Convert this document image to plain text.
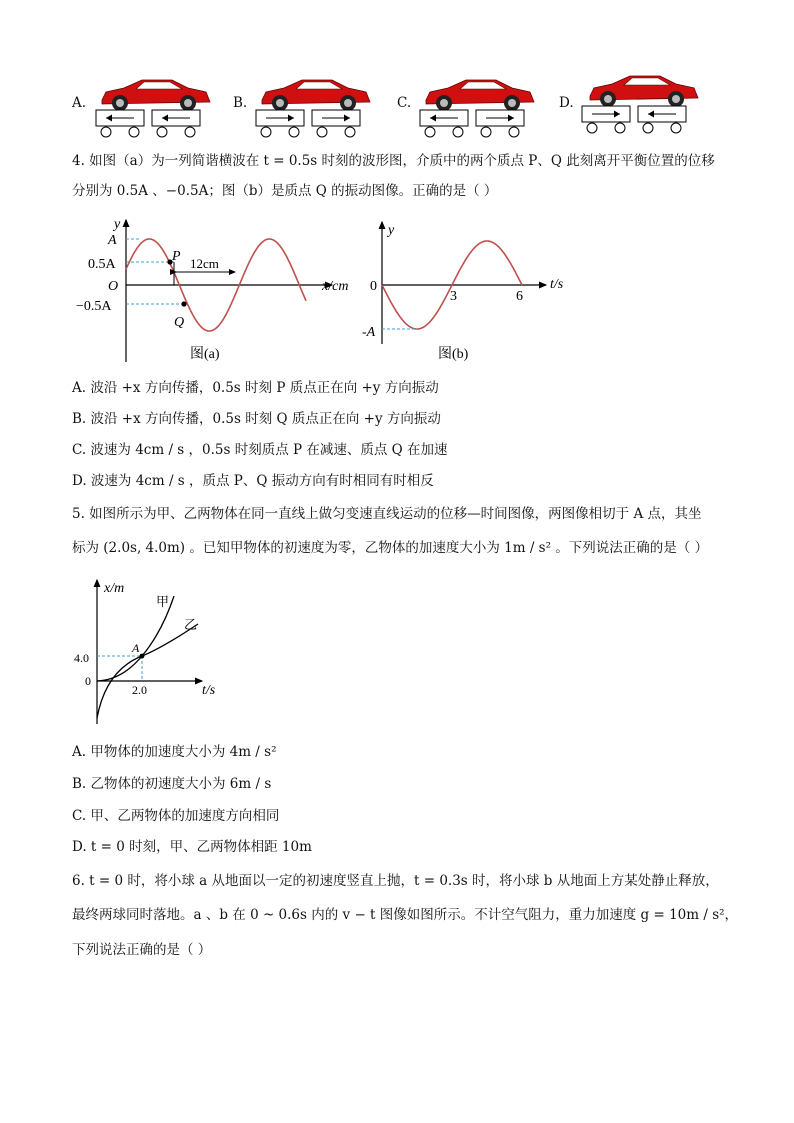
A.	B.	C.	D.
4. 如图（a）为一列简谐横波在 t = 0.5s 时刻的波形图，介质中的两个质点 P、Q 此刻离开平衡位置的位移
分别为 0.5A 、−0.5A；图（b）是质点 Q 的振动图像。正确的是（ ）
y
A
0.5A
O
−0.5A
P
Q
12cm
x/cm
图(a)
y
0
3	6
-A
t/s
图(b)
A. 波沿 +x 方向传播，0.5s 时刻 P 质点正在向 +y 方向振动
B. 波沿 +x 方向传播，0.5s 时刻 Q 质点正在向 +y 方向振动
C. 波速为 4cm / s ，0.5s 时刻质点 P 在减速、质点 Q 在加速
D. 波速为 4cm / s ，质点 P、Q 振动方向有时相同有时相反
5. 如图所示为甲、乙两物体在同一直线上做匀变速直线运动的位移—时间图像，两图像相切于 A 点，其坐
标为 (2.0s, 4.0m) 。已知甲物体的初速度为零，乙物体的加速度大小为 1m / s² 。下列说法正确的是（ ）
x/m
甲
乙
A
4.0
0
2.0	t/s
A. 甲物体的加速度大小为 4m / s²
B. 乙物体的初速度大小为 6m / s
C. 甲、乙两物体的加速度方向相同
D. t = 0 时刻，甲、乙两物体相距 10m
6. t = 0 时，将小球 a 从地面以一定的初速度竖直上抛，t = 0.3s 时，将小球 b 从地面上方某处静止释放，
最终两球同时落地。a 、b 在 0 ~ 0.6s 内的 v − t 图像如图所示。不计空气阻力，重力加速度 g = 10m / s²，
下列说法正确的是（ ）
